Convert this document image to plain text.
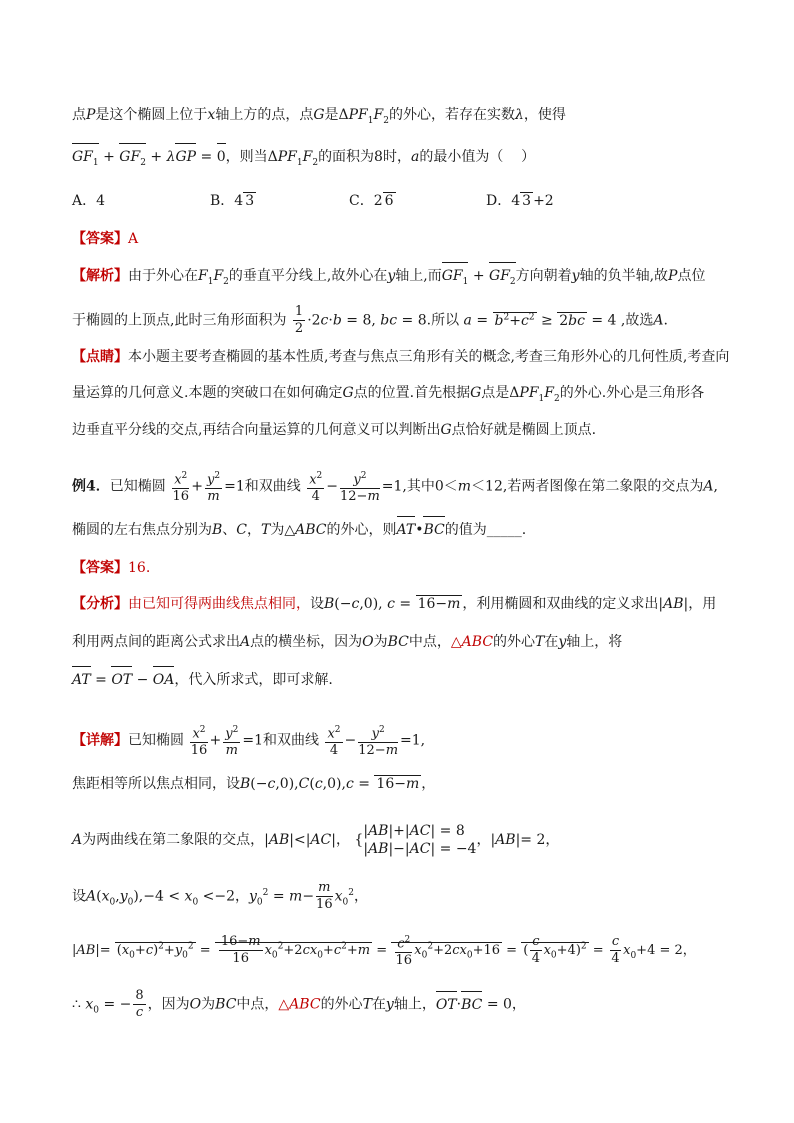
点P是这个椭圆上位于x轴上方的点，点G是$\Delta PF_1F_2$的外心，若存在实数λ，使得
$GF_1 + GF_2 + \lambda GP = 0$，则当$\Delta PF_1F_2$的面积为8时，a的最小值为（    ）
A．4	B．4 3	C．2 6	D．4 3 +2
【答案】A
【解析】由于外心在$F_1F_2$的垂直平分线上,故外心在y轴上,而$GF_1 + GF_2$方向朝着y轴的负半轴,故P点位
于椭圆的上顶点,此时三角形面积为 $\frac{1}{2} \cdot 2c\cdot b = 8$, bc = 8.所以 $a = b^2+c^2 \ge 2bc = 4$ ,故选A.
【点睛】本小题主要考查椭圆的基本性质,考查与焦点三角形有关的概念,考查三角形外心的几何性质,考查向
量运算的几何意义.本题的突破口在如何确定G点的位置.首先根据G点是$\Delta PF_1F_2$的外心.外心是三角形各
边垂直平分线的交点,再结合向量运算的几何意义可以判断出G点恰好就是椭圆上顶点.
例4．已知椭圆 $\frac{x^2}{16} + \frac{y^2}{m} =1$和双曲线 $\frac{x^2}{4} - \frac{y^2}{12-m} =1$,其中0＜m＜12,若两者图像在第二象限的交点为A,
椭圆的左右焦点分别为B、C，T为△ABC的外心，则AT•BC的值为_____.
【答案】16.
【分析】由已知可得两曲线焦点相同，设B(−c,0), c = 16−m ，利用椭圆和双曲线的定义求出|AB|，用
利用两点间的距离公式求出A点的横坐标，因为O为BC中点，△ABC的外心T在y轴上，将
AT = OT − OA，代入所求式，即可求解.
【详解】已知椭圆 $\frac{x^2}{16} + \frac{y^2}{m} =1$和双曲线 $\frac{x^2}{4} - \frac{y^2}{12-m} =1$,
焦距相等所以焦点相同，设B(−c,0),C(c,0),c = 16−m ，
A为两曲线在第二象限的交点，|AB|<|AC|， {
|AB|+|AC| = 8
|AB|−|AC| = −4
，|AB|= 2，
设$A(x_0,y_0),-4 < x_0 <-2$，$y_0^2 = m- \frac{m}{16} x_0^2$，
$|AB|= (x_0+c)^2+y_0^2 = \frac{16-m}{16} x_0^2+2cx_0+c^2+m = \frac{c^2}{16} x_0^2+2cx_0+16$ = ( $\frac{c}{4} x_0+4)^2 = \frac{c}{4} x_0+4 = 2$，
∴ $x_0$ = − $\frac{8}{c}$ ，因为O为BC中点，△ABC的外心T在y轴上，OT·BC = 0，
